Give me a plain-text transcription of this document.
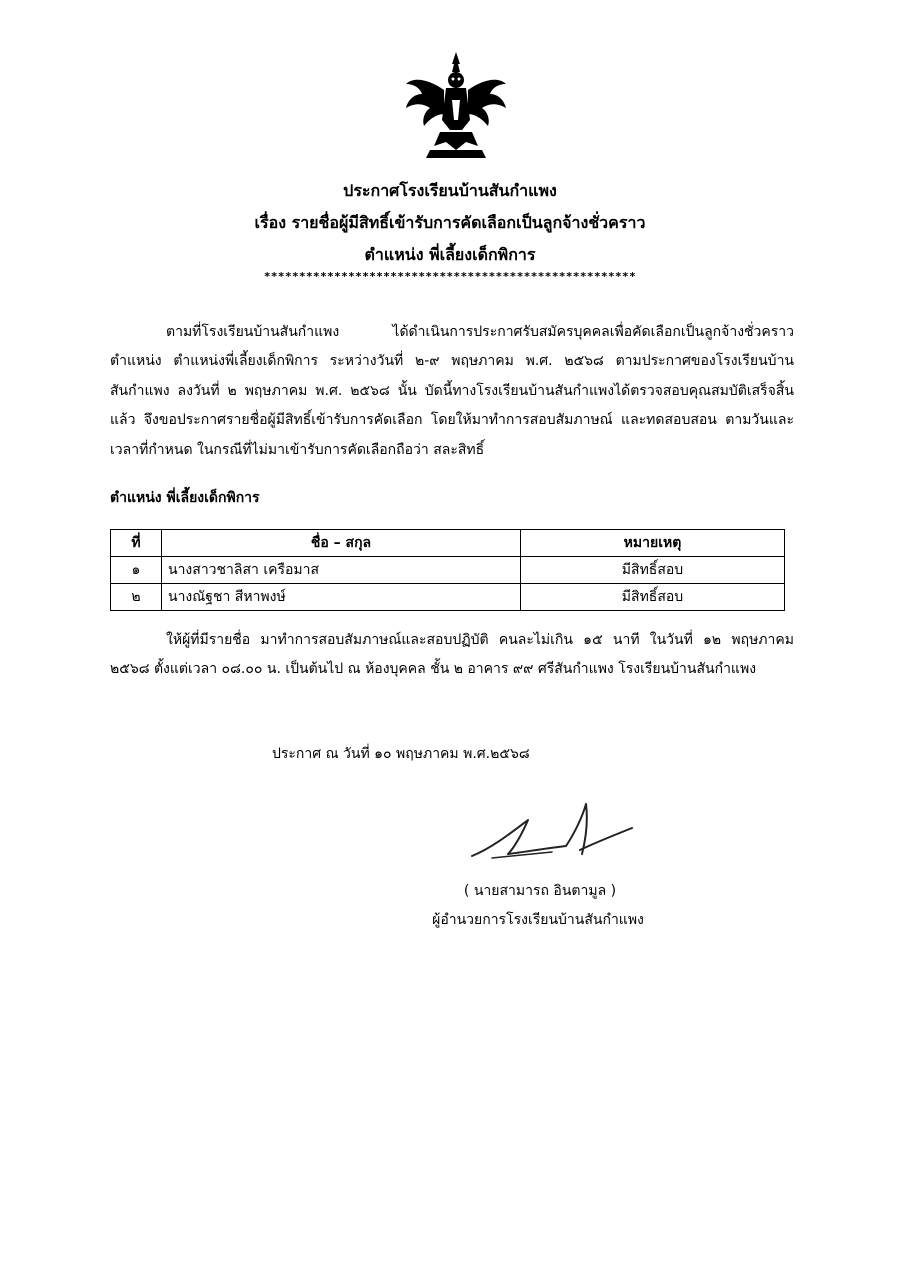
ประกาศโรงเรียนบ้านสันกำแพง
เรื่อง รายชื่อผู้มีสิทธิ์เข้ารับการคัดเลือกเป็นลูกจ้างชั่วคราว
ตำแหน่ง พี่เลี้ยงเด็กพิการ
*****************************************************
ตามที่โรงเรียนบ้านสันกำแพง ได้ดำเนินการประกาศรับสมัครบุคคลเพื่อคัดเลือกเป็นลูกจ้างชั่วคราว ตำแหน่ง ตำแหน่งพี่เลี้ยงเด็กพิการ ระหว่างวันที่ ๒-๙ พฤษภาคม พ.ศ. ๒๕๖๘ ตามประกาศของโรงเรียนบ้านสันกำแพง ลงวันที่ ๒ พฤษภาคม พ.ศ. ๒๕๖๘ นั้น บัดนี้ทางโรงเรียนบ้านสันกำแพงได้ตรวจสอบคุณสมบัติเสร็จสิ้นแล้ว จึงขอประกาศรายชื่อผู้มีสิทธิ์เข้ารับการคัดเลือก โดยให้มาทำการสอบสัมภาษณ์ และทดสอบสอน ตามวันและเวลาที่กำหนด ในกรณีที่ไม่มาเข้ารับการคัดเลือกถือว่า สละสิทธิ์
ตำแหน่ง พี่เลี้ยงเด็กพิการ
ที่	ชื่อ – สกุล	หมายเหตุ
๑	นางสาวชาลิสา เครือมาส	มีสิทธิ์สอบ
๒	นางณัฐชา สีหาพงษ์	มีสิทธิ์สอบ
ให้ผู้ที่มีรายชื่อ มาทำการสอบสัมภาษณ์และสอบปฏิบัติ คนละไม่เกิน ๑๕ นาที ในวันที่ ๑๒ พฤษภาคม ๒๕๖๘ ตั้งแต่เวลา ๐๘.๐๐ น. เป็นต้นไป ณ ห้องบุคคล ชั้น ๒ อาคาร ๙๙ ศรีสันกำแพง โรงเรียนบ้านสันกำแพง
ประกาศ ณ วันที่ ๑๐ พฤษภาคม พ.ศ.๒๕๖๘
( นายสามารถ อินตามูล )
ผู้อำนวยการโรงเรียนบ้านสันกำแพง
